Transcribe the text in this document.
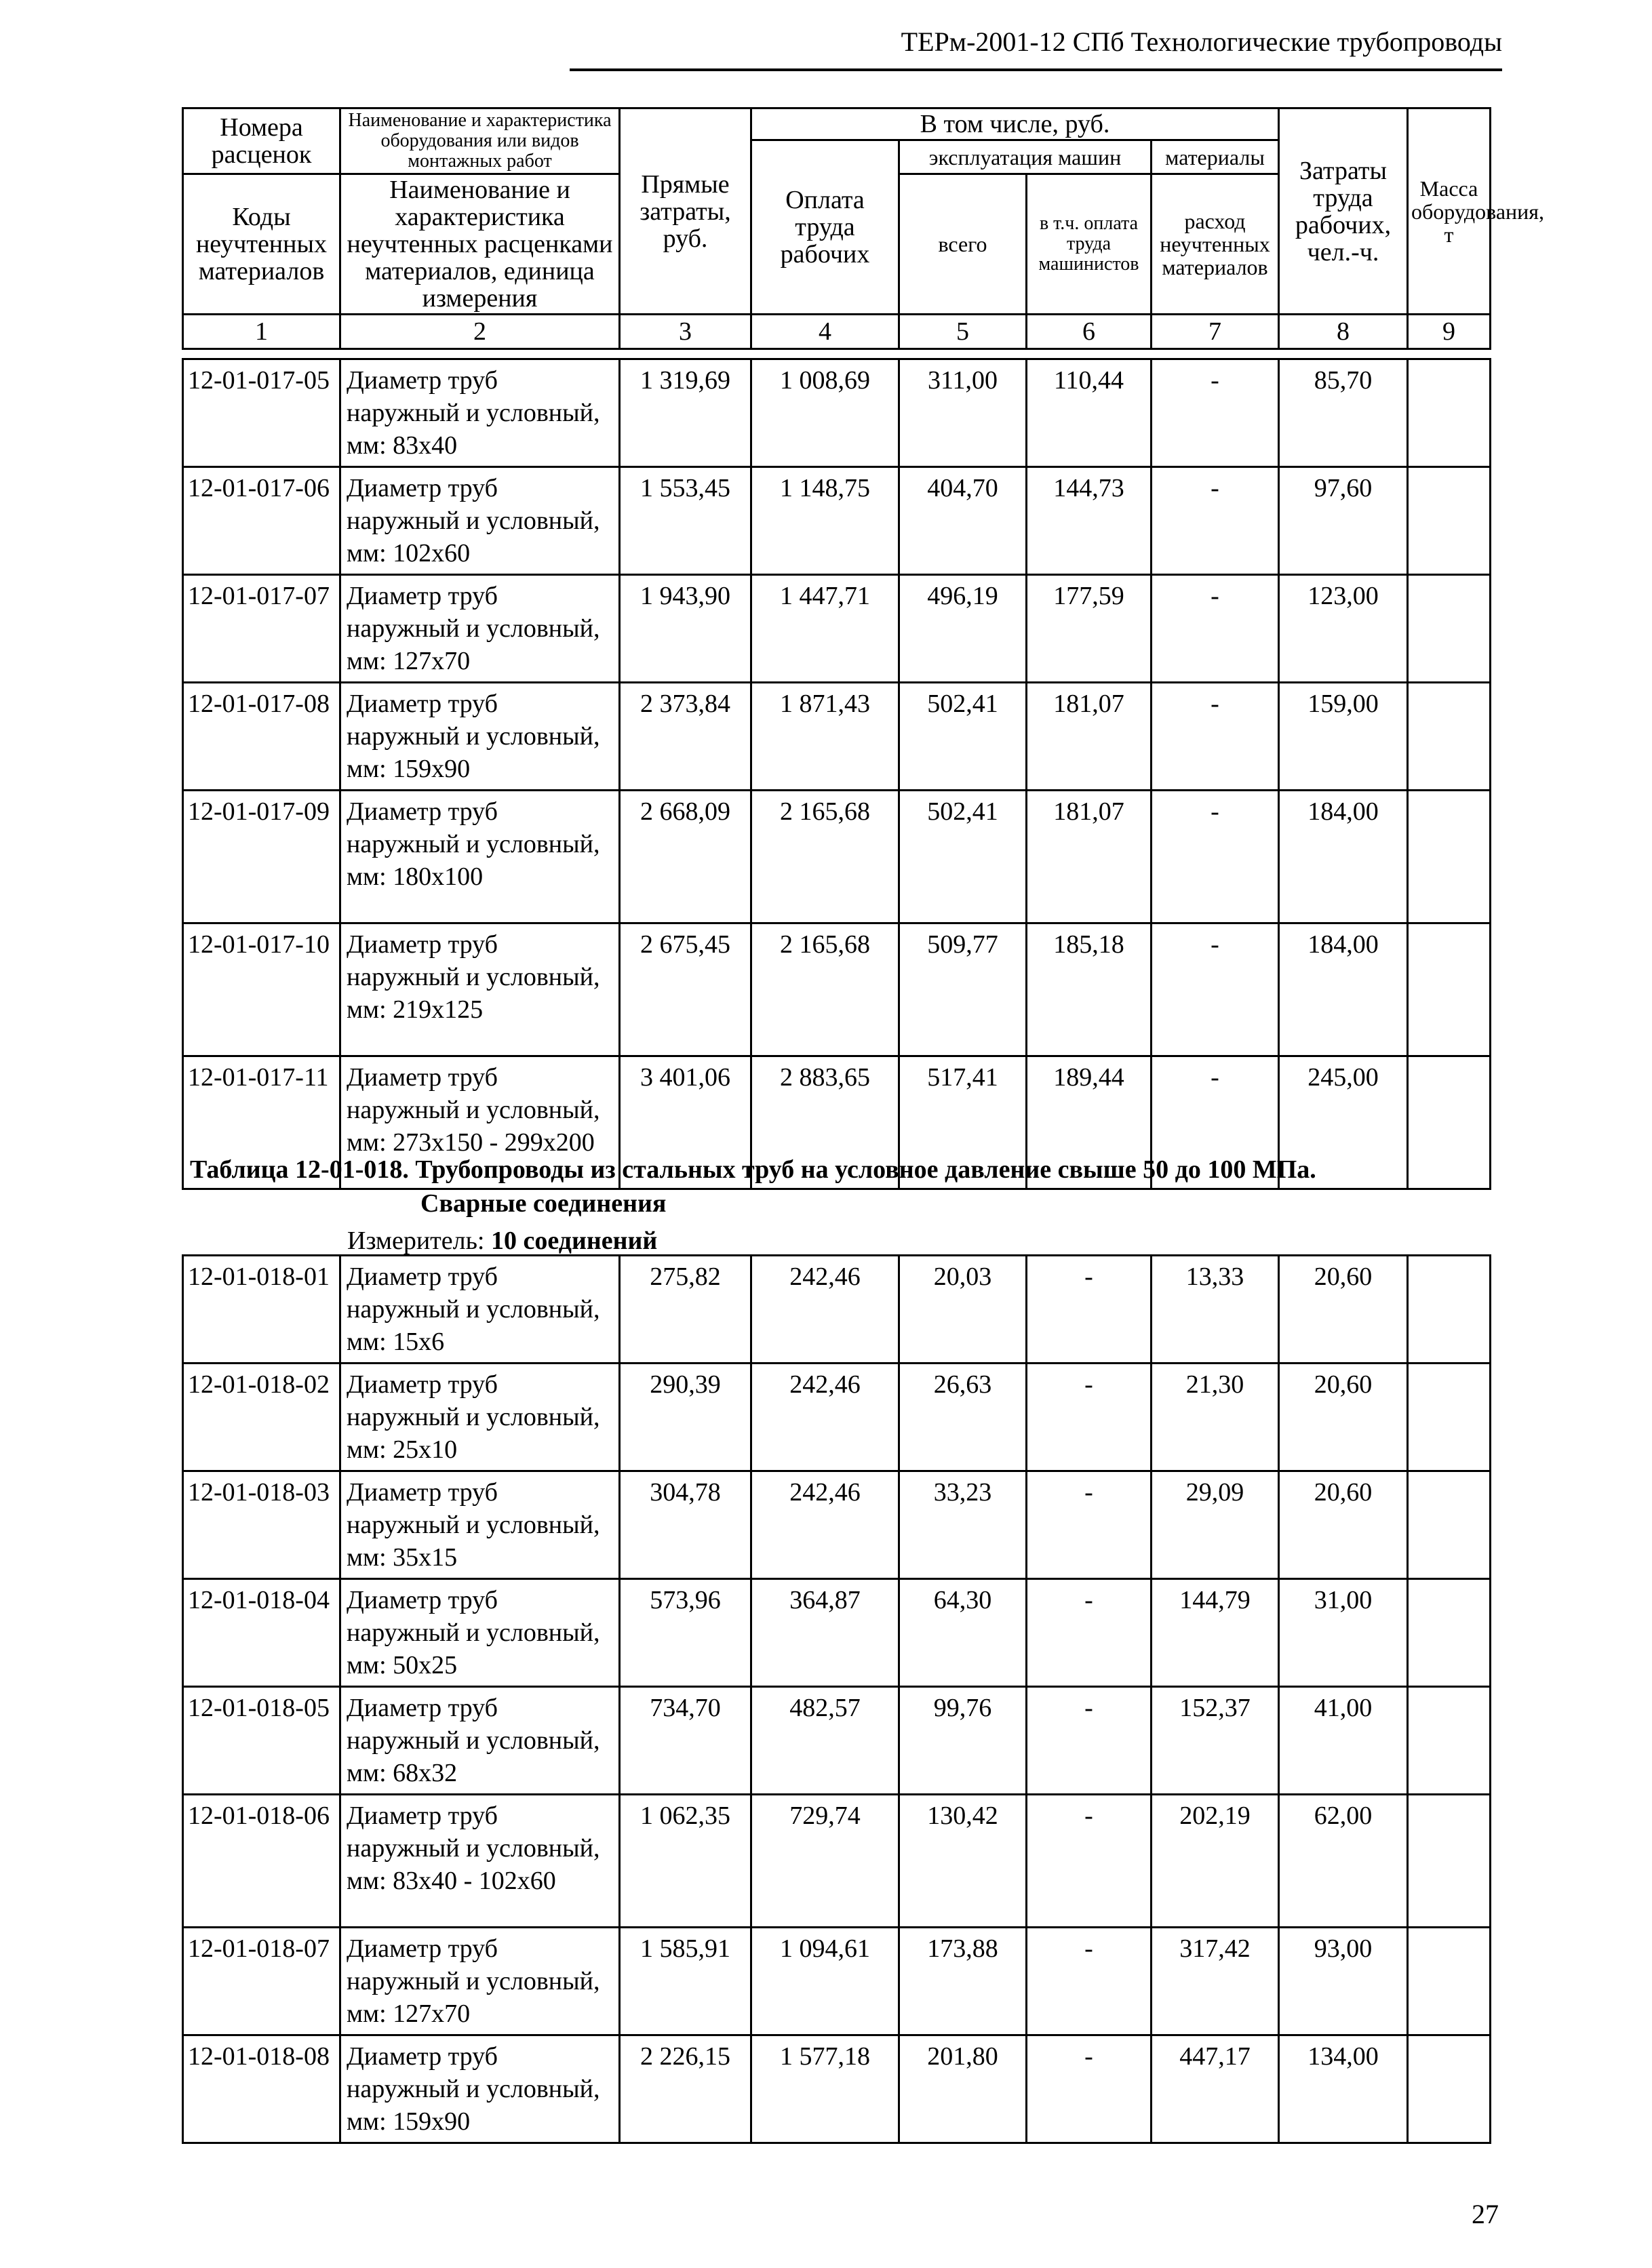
ТЕРм-2001-12 СПб Технологические трубопроводы
Номера расценок	Наименование и характеристика оборудования или видов монтажных работ	Прямые затраты, руб.	В том числе, руб.				Затраты труда рабочих, чел.-ч.	Масса оборудования, т
			Оплата труда рабочих	эксплуатация машин		материалы		
Коды неучтенных материалов	Наименование и характеристика неучтенных расценками материалов, единица измерения			всего	в т.ч. оплата труда машинистов	расход неучтенных материалов		

1	2	3	4	5	6	7	8	9
12-01-017-05	Диаметр труб
наружный и условный,
мм: 83х40	1 319,69	1 008,69	311,00	110,44	-	85,70	
12-01-017-06	Диаметр труб
наружный и условный,
мм: 102х60	1 553,45	1 148,75	404,70	144,73	-	97,60	
12-01-017-07	Диаметр труб
наружный и условный,
мм: 127х70	1 943,90	1 447,71	496,19	177,59	-	123,00	
12-01-017-08	Диаметр труб
наружный и условный,
мм: 159х90	2 373,84	1 871,43	502,41	181,07	-	159,00	
12-01-017-09	Диаметр труб
наружный и условный,
мм: 180х100	2 668,09	2 165,68	502,41	181,07	-	184,00	
12-01-017-10	Диаметр труб
наружный и условный,
мм: 219х125	2 675,45	2 165,68	509,77	185,18	-	184,00	
12-01-017-11	Диаметр труб
наружный и условный,
мм: 273х150 - 299х200	3 401,06	2 883,65	517,41	189,44	-	245,00	
Таблица 12-01-018. Трубопроводы из стальных труб на условное давление свыше 50 до 100 МПа.
Сварные соединения
Измеритель: 10 соединений
12-01-018-01	Диаметр труб
наружный и условный,
мм: 15х6	275,82	242,46	20,03	-	13,33	20,60	
12-01-018-02	Диаметр труб
наружный и условный,
мм: 25х10	290,39	242,46	26,63	-	21,30	20,60	
12-01-018-03	Диаметр труб
наружный и условный,
мм: 35х15	304,78	242,46	33,23	-	29,09	20,60	
12-01-018-04	Диаметр труб
наружный и условный,
мм: 50х25	573,96	364,87	64,30	-	144,79	31,00	
12-01-018-05	Диаметр труб
наружный и условный,
мм: 68х32	734,70	482,57	99,76	-	152,37	41,00	
12-01-018-06	Диаметр труб
наружный и условный,
мм: 83х40 - 102х60	1 062,35	729,74	130,42	-	202,19	62,00	
12-01-018-07	Диаметр труб
наружный и условный,
мм: 127х70	1 585,91	1 094,61	173,88	-	317,42	93,00	
12-01-018-08	Диаметр труб
наружный и условный,
мм: 159х90	2 226,15	1 577,18	201,80	-	447,17	134,00	
27
